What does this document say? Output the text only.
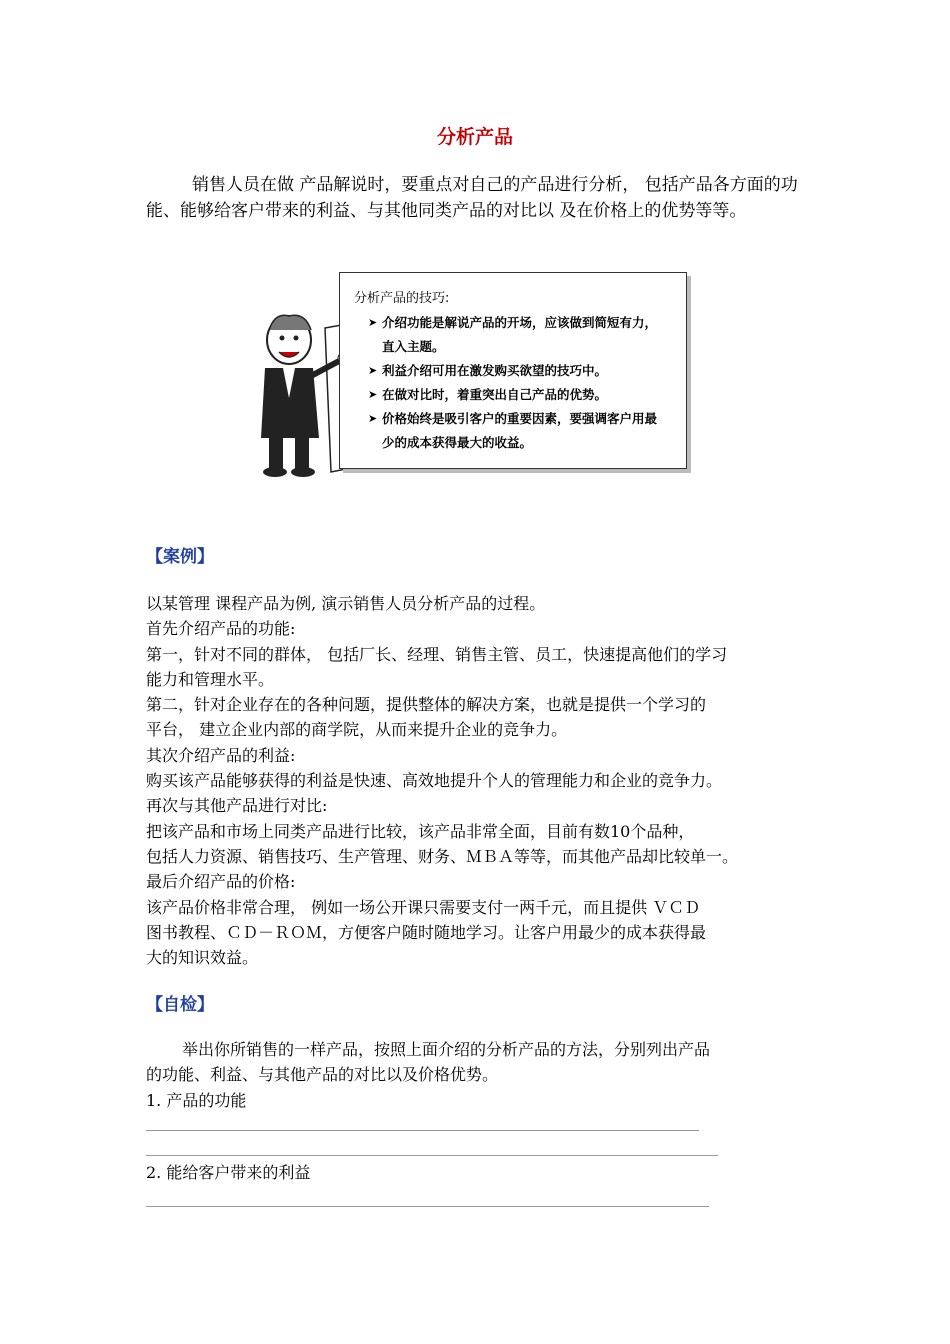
分析产品
销售人员在做 产品解说时，要重点对自己的产品进行分析， 包括产品各方面的功能、能够给客户带来的利益、与其他同类产品的对比以 及在价格上的优势等等。
分析产品的技巧:
➤ 介绍功能是解说产品的开场，应该做到简短有力，直入主题。
➤ 利益介绍可用在激发购买欲望的技巧中。
➤ 在做对比时，着重突出自己产品的优势。
➤ 价格始终是吸引客户的重要因素，要强调客户用最少的成本获得最大的收益。
【案例】
以某管理 课程产品为例, 演示销售人员分析产品的过程。
首先介绍产品的功能:
第一，针对不同的群体， 包括厂长、经理、销售主管、员工，快速提高他们的学习
能力和管理水平。
第二，针对企业存在的各种问题，提供整体的解决方案，也就是提供一个学习的
平台， 建立企业内部的商学院，从而来提升企业的竞争力。
其次介绍产品的利益:
购买该产品能够获得的利益是快速、高效地提升个人的管理能力和企业的竞争力。
再次与其他产品进行对比:
把该产品和市场上同类产品进行比较，该产品非常全面，目前有数10个品种，
包括人力资源、销售技巧、生产管理、财务、ＭＢＡ等等，而其他产品却比较单一。
最后介绍产品的价格:
该产品价格非常合理， 例如一场公开课只需要支付一两千元，而且提供 ＶＣＤ
图书教程、ＣＤ－ＲＯＭ，方便客户随时随地学习。让客户用最少的成本获得最
大的知识效益。
【自检】
举出你所销售的一样产品，按照上面介绍的分析产品的方法，分别列出产品
的功能、利益、与其他产品的对比以及价格优势。
1. 产品的功能
2. 能给客户带来的利益
